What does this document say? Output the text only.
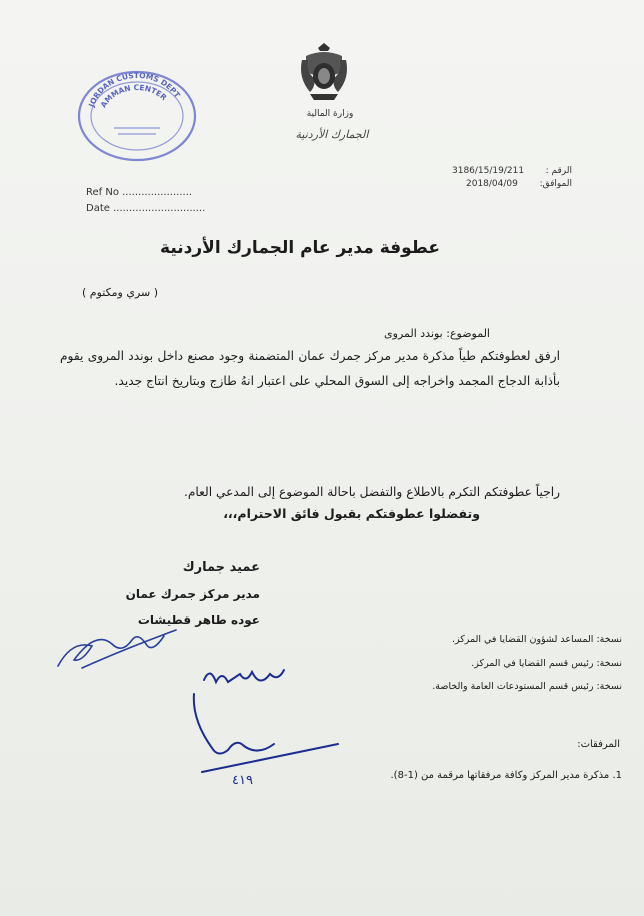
JORDAN CUSTOMS DEPT
AMMAN CENTER
وزارة المالية
الجمارك الأردنية
Ref No ......................
Date .............................
3186/15/19/211 الرقم :
2018/04/09 الموافق:
عطوفة مدير عام الجمارك الأردنية
( سري ومكتوم )
الموضوع: بوندد المروى
ارفق لعطوفتكم طياً مذكرة مدير مركز جمرك عمان المتضمنة وجود مصنع داخل بوندد المروى يقوم بأذابة الدجاج المجمد واخراجه إلى السوق المحلي على اعتبار انهُ طازج وبتاريخ انتاج جديد.
راجياً عطوفتكم التكرم بالاطلاع والتفضل باحالة الموضوع إلى المدعي العام.
وتفضلوا عطوفتكم بقبول فائق الاحترام،،،
عميد جمارك
مدير مركز جمرك عمان
عوده طاهر قطيشات
٤١٩
نسخة: المساعد لشؤون القضايا في المركز.
نسخة: رئيس قسم القضايا في المركز.
نسخة: رئيس قسم المستودعات العامة والخاصة.
المرفقات:
1. مذكرة مدير المركز وكافة مرفقاتها مرقمة من (1-8).
